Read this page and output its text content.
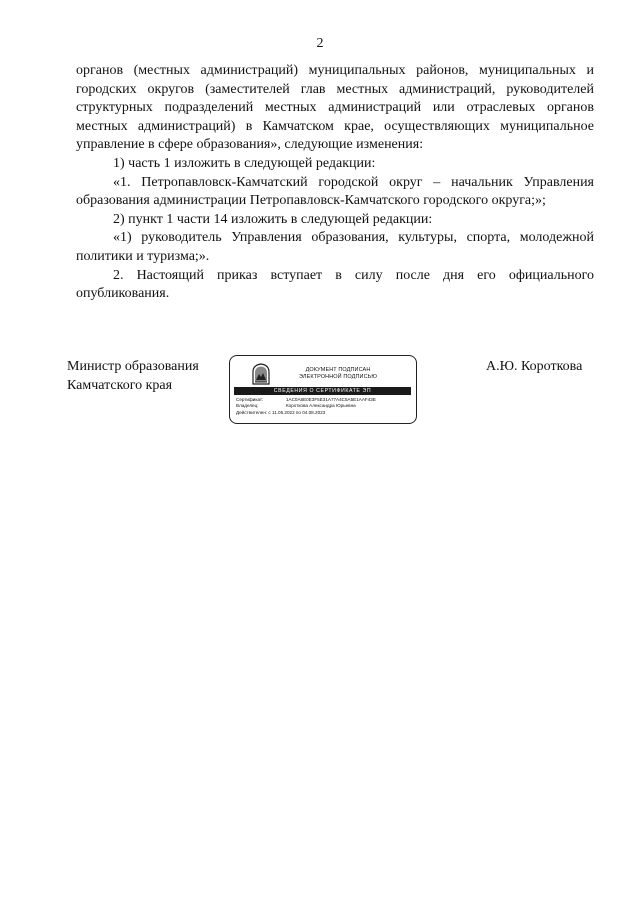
2

органов (местных администраций) муниципальных районов, муниципальных и городских округов (заместителей глав местных администраций, руководителей структурных подразделений местных администраций или отраслевых органов местных администраций) в Камчатском крае, осуществляющих муниципальное управление в сфере образования», следующие изменения:

1) часть 1 изложить в следующей редакции:

«1. Петропавловск-Камчатский городской округ – начальник Управления образования администрации Петропавловск-Камчатского городского округа;»;

2) пункт 1 части 14 изложить в следующей редакции:

«1) руководитель Управления образования, культуры, спорта, молодежной политики и туризма;».

2. Настоящий приказ вступает в силу после дня его официального опубликования.

Министр образования
Камчатского края
ДОКУМЕНТ ПОДПИСАН
ЭЛЕКТРОННОЙ ПОДПИСЬЮ
СВЕДЕНИЯ О СЕРТИФИКАТЕ ЭП
Сертификат:	1AC0A8E0E3F5E31A77A4C5A5E1AAF43E
Владелец:	Короткова Александра Юрьевна
Действителен: с 11.05.2022 по 04.08.2023
А.Ю. Короткова
